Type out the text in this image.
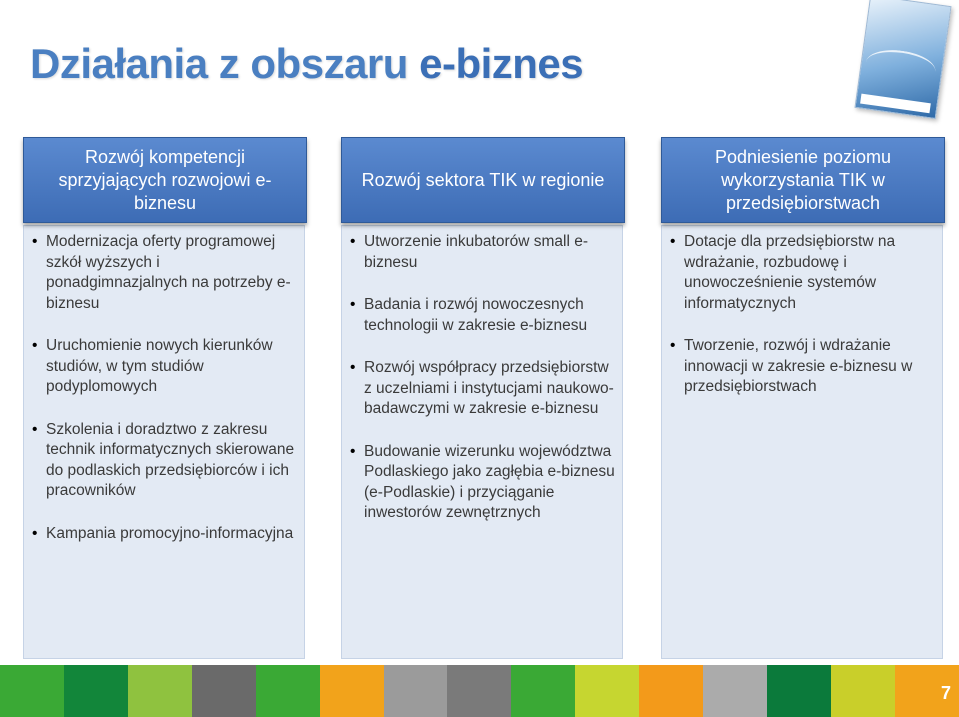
Działania z obszaru e-biznes
Rozwój kompetencji sprzyjających rozwojowi e-biznesu
• Modernizacja oferty programowej szkół wyższych i ponadgimnazjalnych na potrzeby e-biznesu
• Uruchomienie nowych kierunków studiów, w tym studiów podyplomowych
• Szkolenia i doradztwo z zakresu technik informatycznych skierowane do podlaskich przedsiębiorców i ich pracowników
• Kampania promocyjno-informacyjna
Rozwój sektora TIK w regionie
• Utworzenie inkubatorów small e-biznesu
• Badania i rozwój nowoczesnych technologii w zakresie e-biznesu
• Rozwój współpracy przedsiębiorstw z uczelniami i instytucjami naukowo-badawczymi w zakresie e-biznesu
• Budowanie wizerunku województwa Podlaskiego jako zagłębia e-biznesu (e-Podlaskie) i przyciąganie inwestorów zewnętrznych
Podniesienie poziomu wykorzystania TIK w przedsiębiorstwach
• Dotacje dla przedsiębiorstw na wdrażanie, rozbudowę i unowocześnienie systemów informatycznych
• Tworzenie, rozwój i wdrażanie innowacji w zakresie e-biznesu w przedsiębiorstwach
7
